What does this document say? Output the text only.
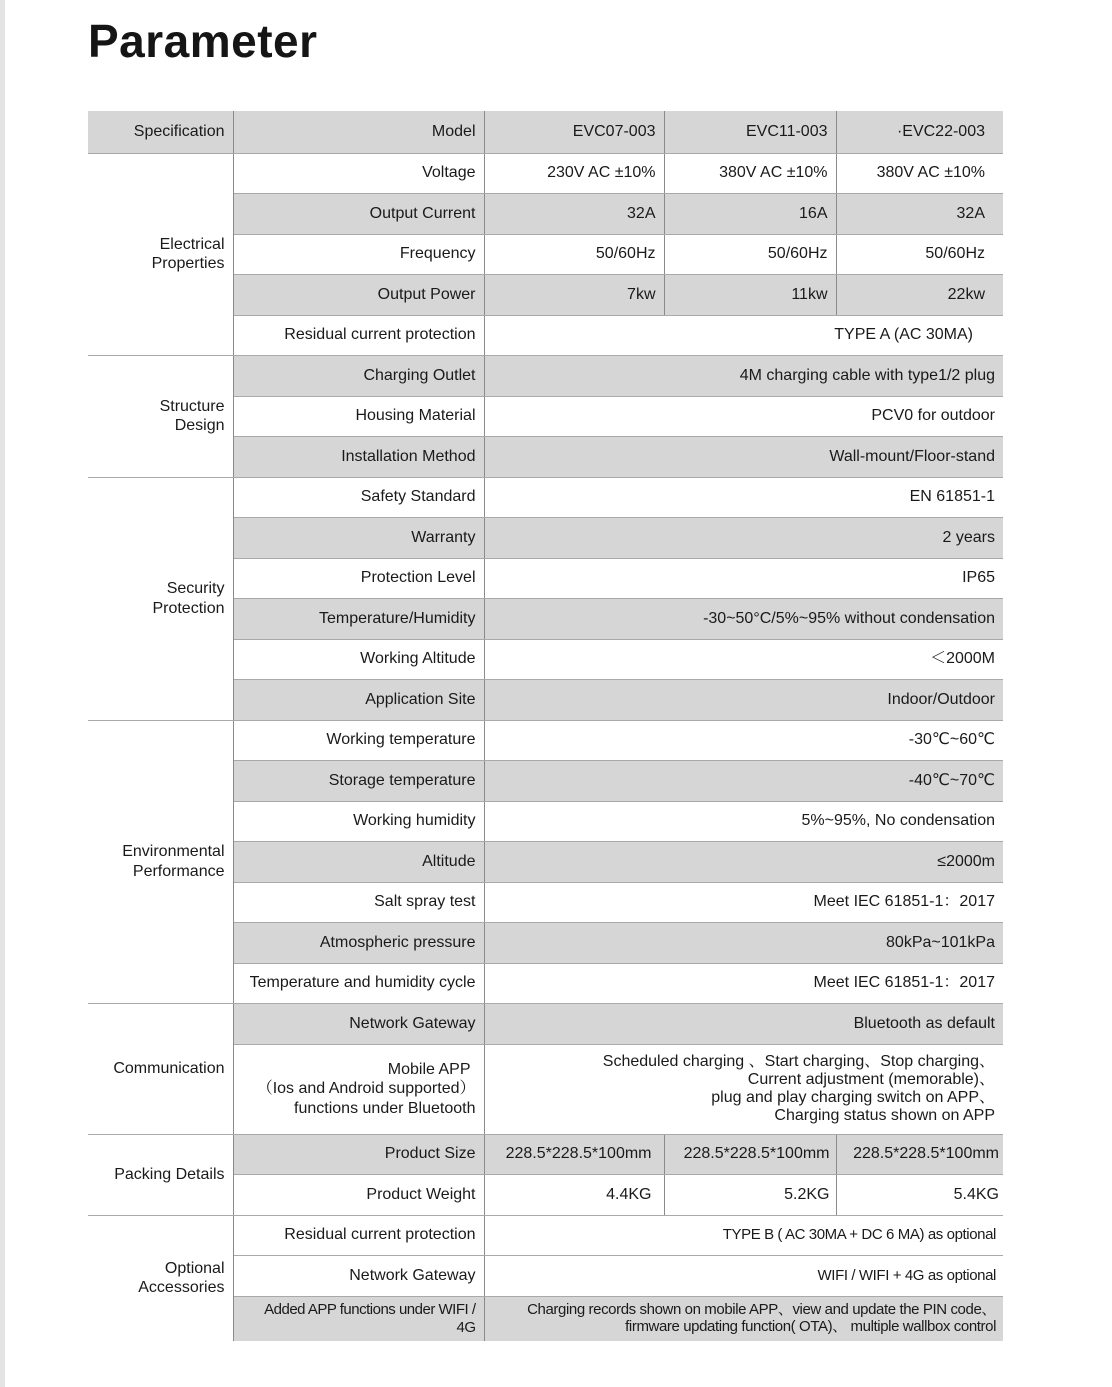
Parameter
Specification	Model	EVC07-003	EVC11-003	·EVC22-003
Electrical
Properties	Voltage	230V AC ±10%	380V AC ±10%	380V AC ±10%
	Output Current	32A	16A	32A
	Frequency	50/60Hz	50/60Hz	50/60Hz
	Output Power	7kw	11kw	22kw
	Residual current protection	TYPE A (AC 30MA)		
Structure
Design	Charging Outlet	4M charging cable with type1/2 plug		
	Housing Material	PCV0 for outdoor		
	Installation Method	Wall-mount/Floor-stand		
Security
Protection	Safety Standard	EN 61851-1		
	Warranty	2 years		
	Protection Level	IP65		
	Temperature/Humidity	-30~50°C/5%~95% without condensation		
	Working Altitude	＜2000M		
	Application Site	Indoor/Outdoor		
Environmental
Performance	Working temperature	-30℃~60℃		
	Storage temperature	-40℃~70℃		
	Working humidity	5%~95%, No condensation		
	Altitude	≤2000m		
	Salt spray test	Meet IEC 61851-1：2017		
	Atmospheric pressure	80kPa~101kPa		
	Temperature and humidity cycle	Meet IEC 61851-1：2017		
Communication	Network Gateway	Bluetooth as default		
	Mobile APP
（Ios and Android supported）
functions under Bluetooth	Scheduled charging 、Start charging、Stop charging、
Current adjustment (memorable)、
plug and play charging switch on APP、
Charging status shown on APP		
Packing Details	Product Size	228.5*228.5*100mm	228.5*228.5*100mm	228.5*228.5*100mm
	Product Weight	4.4KG	5.2KG	5.4KG
Optional
Accessories	Residual current protection	TYPE B ( AC 30MA + DC 6 MA) as optional		
	Network Gateway	WIFI / WIFI + 4G as optional		
	Added APP functions under WIFI / 4G	Charging records shown on mobile APP、view and update the PIN code、
firmware updating function( OTA)、 multiple wallbox control		
